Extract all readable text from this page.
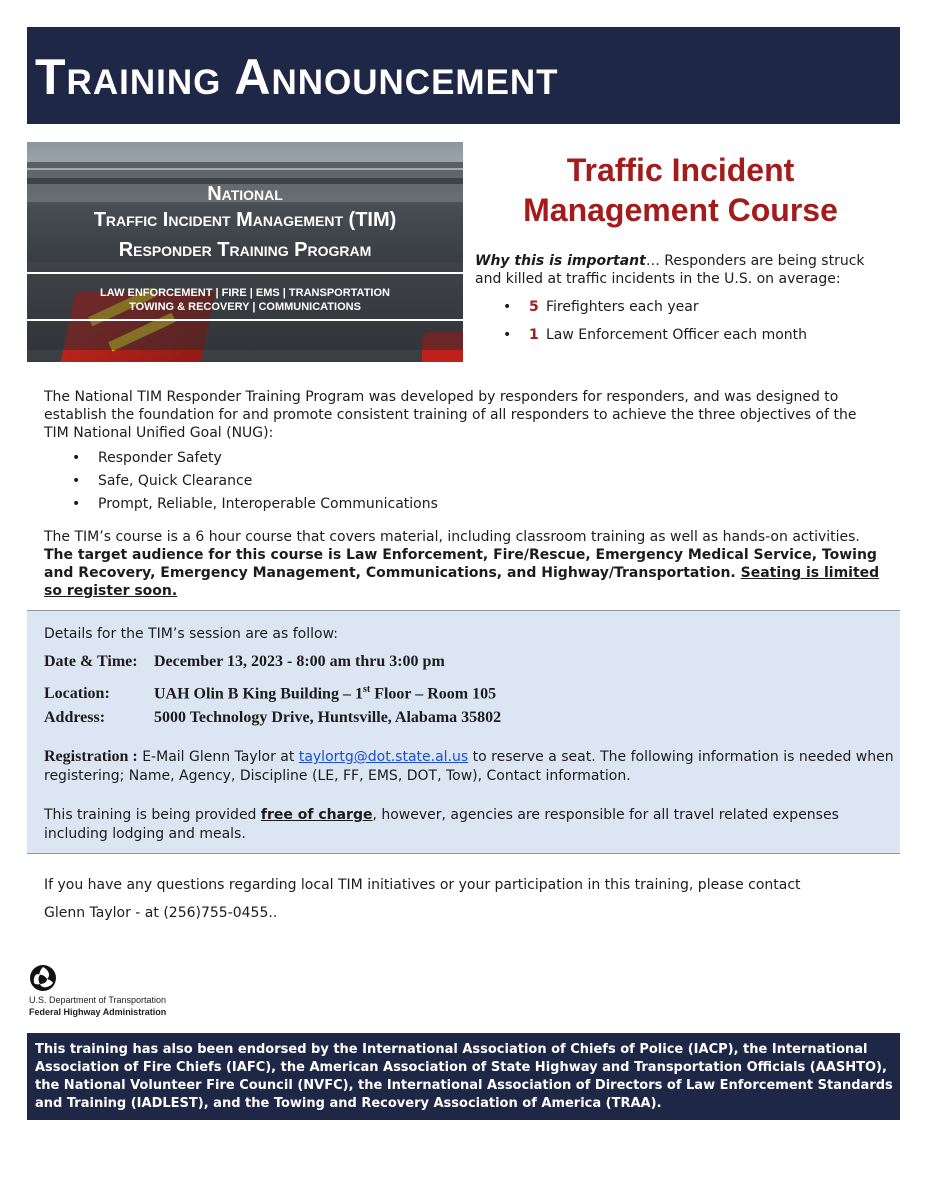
Training Announcement
National
Traffic Incident Management (TIM)
Responder Training Program
LAW ENFORCEMENT | FIRE | EMS | TRANSPORTATION
TOWING & RECOVERY | COMMUNICATIONS
Traffic Incident
Management Course
Why this is important… Responders are being struck and killed at traffic incidents in the U.S. on average:
• 5 Firefighters each year
• 1 Law Enforcement Officer each month
The National TIM Responder Training Program was developed by responders for responders, and was designed to establish the foundation for and promote consistent training of all responders to achieve the three objectives of the TIM National Unified Goal (NUG):
• Responder Safety
• Safe, Quick Clearance
• Prompt, Reliable, Interoperable Communications
The TIM’s course is a 6 hour course that covers material, including classroom training as well as hands-on activities. The target audience for this course is Law Enforcement, Fire/Rescue, Emergency Medical Service, Towing and Recovery, Emergency Management, Communications, and Highway/Transportation. Seating is limited so register soon.
Details for the TIM’s session are as follow:
Date & Time: December 13, 2023 - 8:00 am thru 3:00 pm
Location:	UAH Olin B King Building – 1st Floor – Room 105
Address:	5000 Technology Drive, Huntsville, Alabama 35802
Registration : E-Mail Glenn Taylor at taylortg@dot.state.al.us to reserve a seat. The following information is needed when registering; Name, Agency, Discipline (LE, FF, EMS, DOT, Tow), Contact information.
This training is being provided free of charge, however, agencies are responsible for all travel related expenses including lodging and meals.
If you have any questions regarding local TIM initiatives or your participation in this training, please contact
Glenn Taylor - at (256)755-0455..
U.S. Department of Transportation
Federal Highway Administration
This training has also been endorsed by the International Association of Chiefs of Police (IACP), the International Association of Fire Chiefs (IAFC), the American Association of State Highway and Transportation Officials (AASHTO), the National Volunteer Fire Council (NVFC), the International Association of Directors of Law Enforcement Standards and Training (IADLEST), and the Towing and Recovery Association of America (TRAA).
